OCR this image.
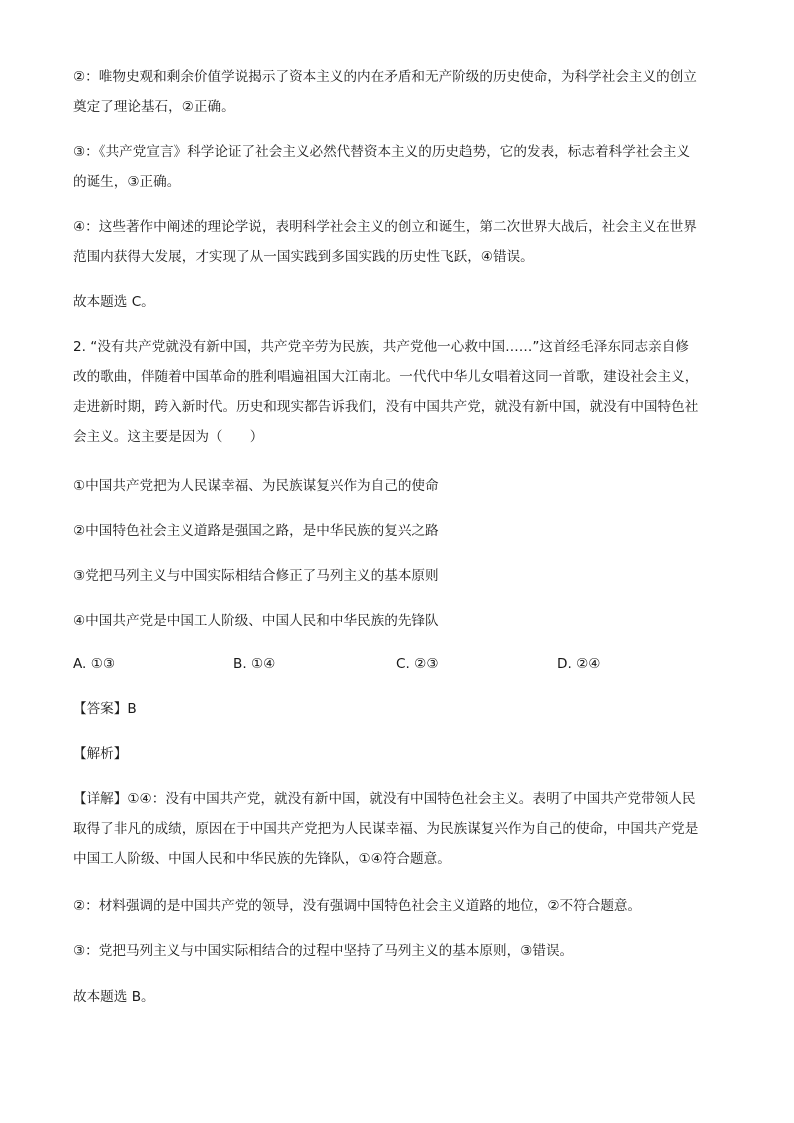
②：唯物史观和剩余价值学说揭示了资本主义的内在矛盾和无产阶级的历史使命，为科学社会主义的创立
奠定了理论基石，②正确。
③：《共产党宣言》科学论证了社会主义必然代替资本主义的历史趋势，它的发表，标志着科学社会主义
的诞生，③正确。
④：这些著作中阐述的理论学说，表明科学社会主义的创立和诞生，第二次世界大战后，社会主义在世界
范围内获得大发展，才实现了从一国实践到多国实践的历史性飞跃，④错误。
故本题选 C。
2. “没有共产党就没有新中国，共产党辛劳为民族，共产党他一心救中国……”这首经毛泽东同志亲自修
改的歌曲，伴随着中国革命的胜利唱遍祖国大江南北。一代代中华儿女唱着这同一首歌，建设社会主义，
走进新时期，跨入新时代。历史和现实都告诉我们，没有中国共产党，就没有新中国，就没有中国特色社
会主义。这主要是因为（　　）
①中国共产党把为人民谋幸福、为民族谋复兴作为自己的使命
②中国特色社会主义道路是强国之路，是中华民族的复兴之路
③党把马列主义与中国实际相结合修正了马列主义的基本原则
④中国共产党是中国工人阶级、中国人民和中华民族的先锋队
A. ①③	B. ①④	C. ②③	D. ②④
【答案】B
【解析】
【详解】①④：没有中国共产党，就没有新中国，就没有中国特色社会主义。表明了中国共产党带领人民
取得了非凡的成绩，原因在于中国共产党把为人民谋幸福、为民族谋复兴作为自己的使命，中国共产党是
中国工人阶级、中国人民和中华民族的先锋队，①④符合题意。
②：材料强调的是中国共产党的领导，没有强调中国特色社会主义道路的地位，②不符合题意。
③：党把马列主义与中国实际相结合的过程中坚持了马列主义的基本原则，③错误。
故本题选 B。
